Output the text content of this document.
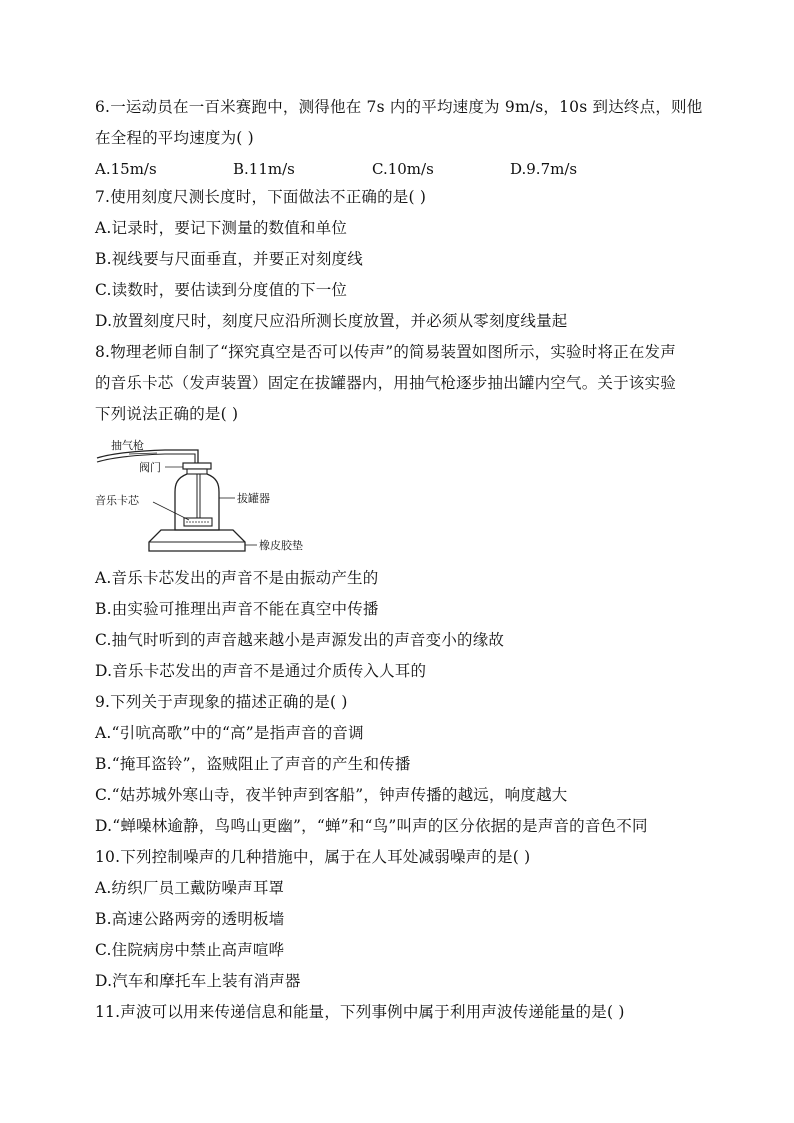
6.一运动员在一百米赛跑中，测得他在 7s 内的平均速度为 9m/s，10s 到达终点，则他
在全程的平均速度为( )
A.15m/s	B.11m/s	C.10m/s	D.9.7m/s
7.使用刻度尺测长度时，下面做法不正确的是( )
A.记录时，要记下测量的数值和单位
B.视线要与尺面垂直，并要正对刻度线
C.读数时，要估读到分度值的下一位
D.放置刻度尺时，刻度尺应沿所测长度放置，并必须从零刻度线量起
8.物理老师自制了“探究真空是否可以传声”的简易装置如图所示，实验时将正在发声
的音乐卡芯（发声装置）固定在拔罐器内，用抽气枪逐步抽出罐内空气。关于该实验
下列说法正确的是( )
抽气枪
阀门
音乐卡芯	拔罐器
橡皮胶垫
A.音乐卡芯发出的声音不是由振动产生的
B.由实验可推理出声音不能在真空中传播
C.抽气时听到的声音越来越小是声源发出的声音变小的缘故
D.音乐卡芯发出的声音不是通过介质传入人耳的
9.下列关于声现象的描述正确的是( )
A.“引吭高歌”中的“高”是指声音的音调
B.“掩耳盗铃”，盗贼阻止了声音的产生和传播
C.“姑苏城外寒山寺，夜半钟声到客船”，钟声传播的越远，响度越大
D.“蝉噪林逾静，鸟鸣山更幽”，“蝉”和“鸟”叫声的区分依据的是声音的音色不同
10.下列控制噪声的几种措施中，属于在人耳处减弱噪声的是( )
A.纺织厂员工戴防噪声耳罩
B.高速公路两旁的透明板墙
C.住院病房中禁止高声喧哗
D.汽车和摩托车上装有消声器
11.声波可以用来传递信息和能量，下列事例中属于利用声波传递能量的是( )
